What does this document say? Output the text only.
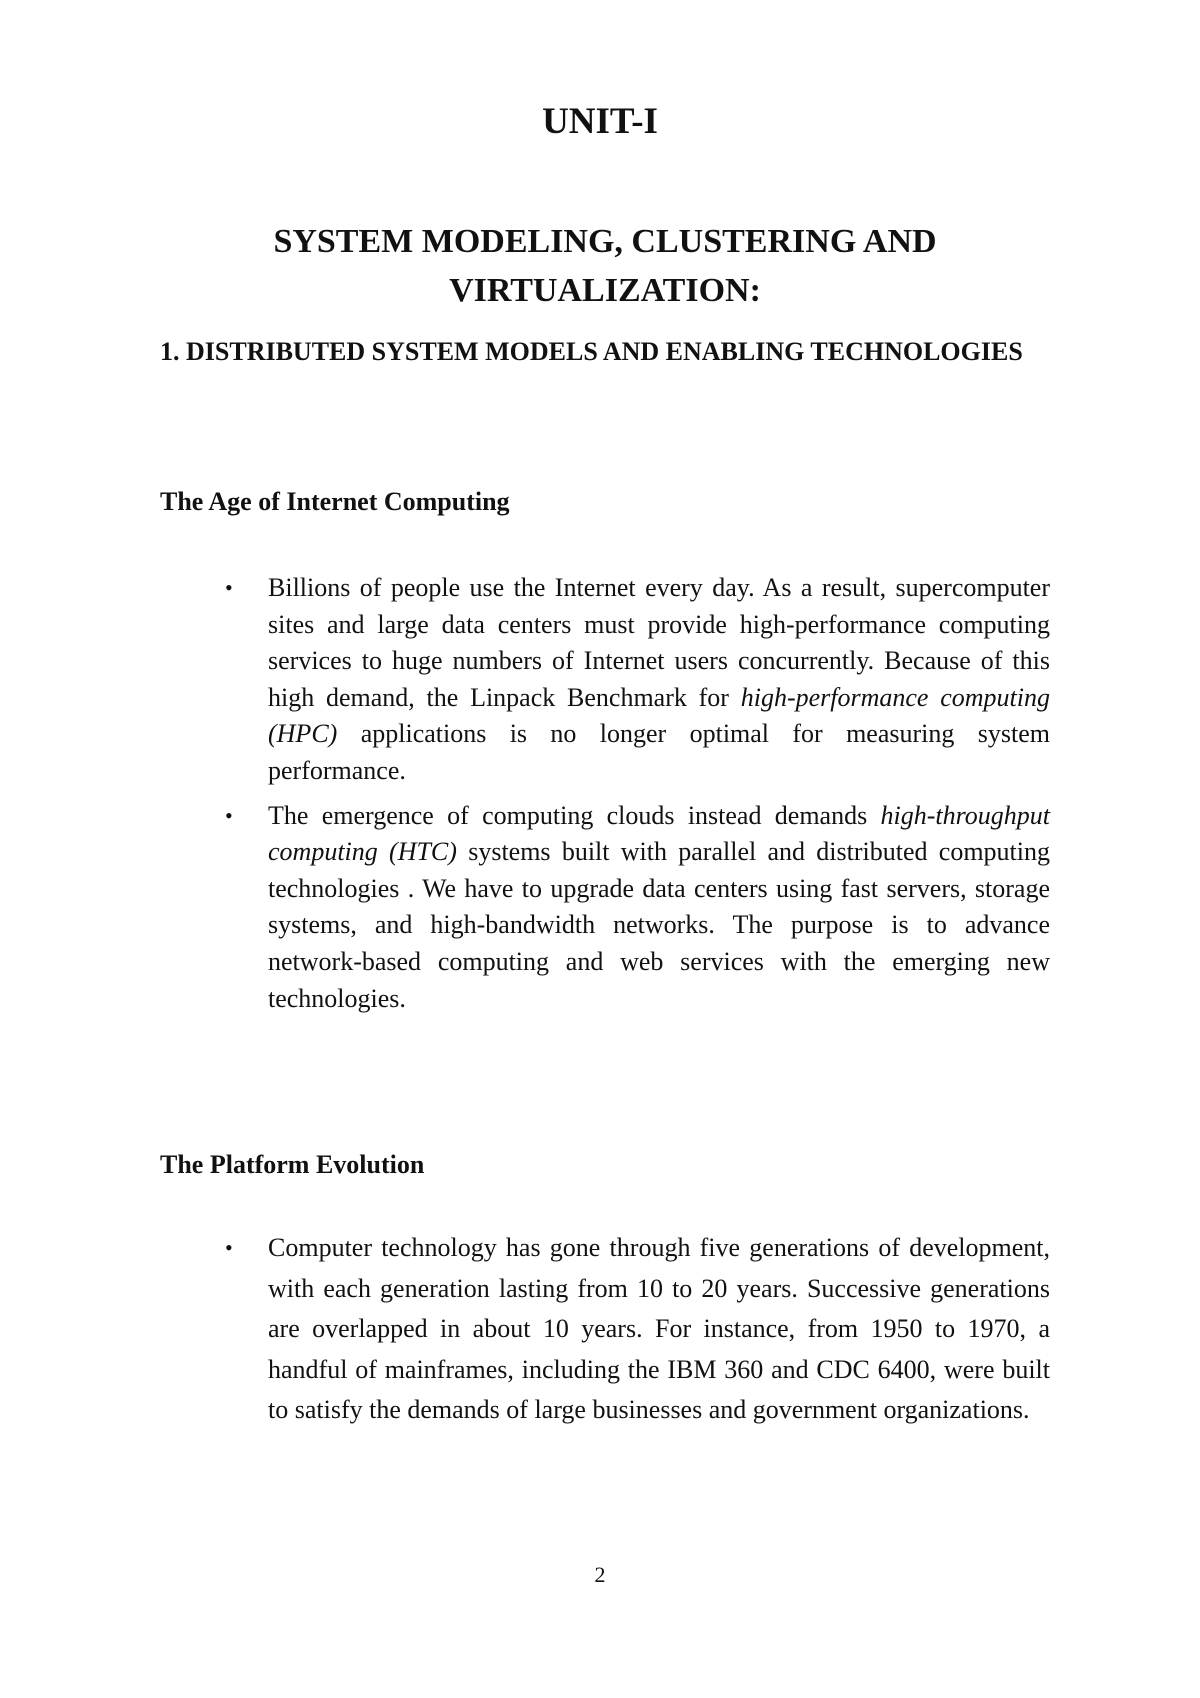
UNIT-I
SYSTEM MODELING, CLUSTERING AND VIRTUALIZATION:
1. DISTRIBUTED SYSTEM MODELS AND ENABLING TECHNOLOGIES
The Age of Internet Computing
• Billions of people use the Internet every day. As a result, supercomputer sites and large data centers must provide high-performance computing services to huge numbers of Internet users concurrently. Because of this high demand, the Linpack Benchmark for high-performance computing (HPC) applications is no longer optimal for measuring system performance.
• The emergence of computing clouds instead demands high-throughput computing (HTC) systems built with parallel and distributed computing technologies . We have to upgrade data centers using fast servers, storage systems, and high-bandwidth networks. The purpose is to advance network-based computing and web services with the emerging new technologies.
The Platform Evolution
• Computer technology has gone through five generations of development, with each generation lasting from 10 to 20 years. Successive generations are overlapped in about 10 years. For instance, from 1950 to 1970, a handful of mainframes, including the IBM 360 and CDC 6400, were built to satisfy the demands of large businesses and government organizations.

2
